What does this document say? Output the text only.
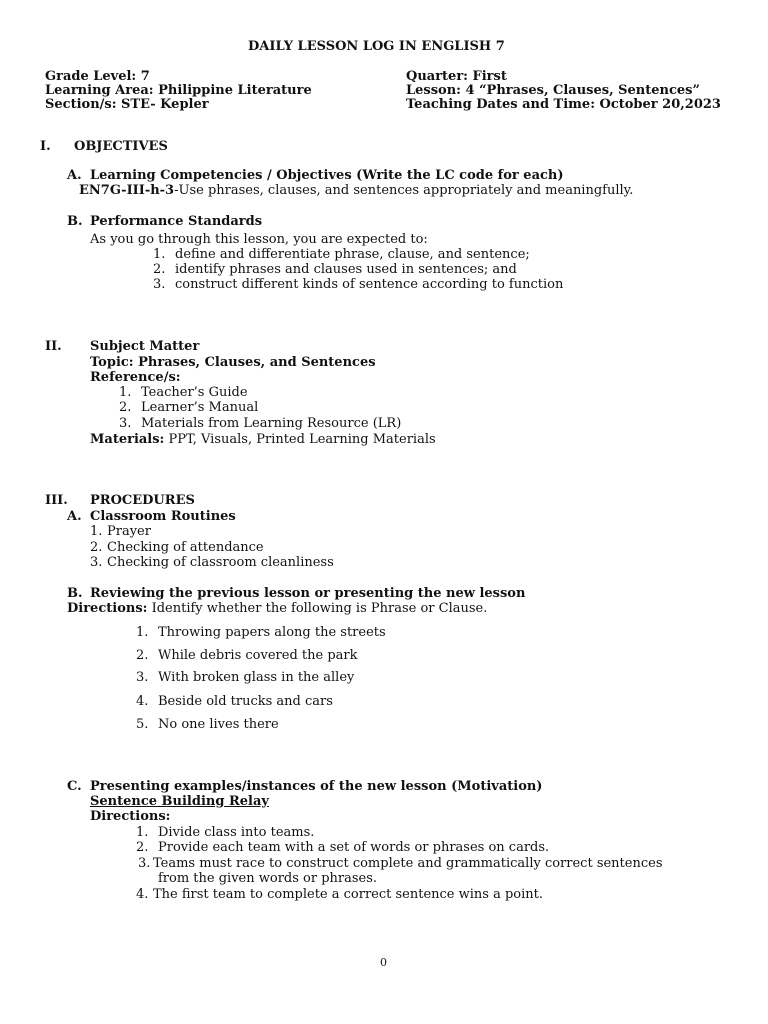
DAILY LESSON LOG IN ENGLISH 7
Grade Level: 7
Learning Area: Philippine Literature
Section/s: STE- Kepler
Quarter: First
Lesson: 4 “Phrases, Clauses, Sentences”
Teaching Dates and Time: October 20,2023
I. OBJECTIVES
A. Learning Competencies / Objectives (Write the LC code for each)
EN7G-III-h-3-Use phrases, clauses, and sentences appropriately and meaningfully.
B. Performance Standards
As you go through this lesson, you are expected to:
1. define and differentiate phrase, clause, and sentence;
2. identify phrases and clauses used in sentences; and
3. construct different kinds of sentence according to function
II. Subject Matter
Topic: Phrases, Clauses, and Sentences
Reference/s:
1. Teacher’s Guide
2. Learner’s Manual
3. Materials from Learning Resource (LR)
Materials: PPT, Visuals, Printed Learning Materials
III. PROCEDURES
A. Classroom Routines
1. Prayer
2. Checking of attendance
3. Checking of classroom cleanliness
B. Reviewing the previous lesson or presenting the new lesson
Directions: Identify whether the following is Phrase or Clause.
1. Throwing papers along the streets
2. While debris covered the park
3. With broken glass in the alley
4. Beside old trucks and cars
5. No one lives there
C. Presenting examples/instances of the new lesson (Motivation)
Sentence Building Relay
Directions:
1. Divide class into teams.
2. Provide each team with a set of words or phrases on cards.
3. Teams must race to construct complete and grammatically correct sentences
from the given words or phrases.
4. The first team to complete a correct sentence wins a point.
0
